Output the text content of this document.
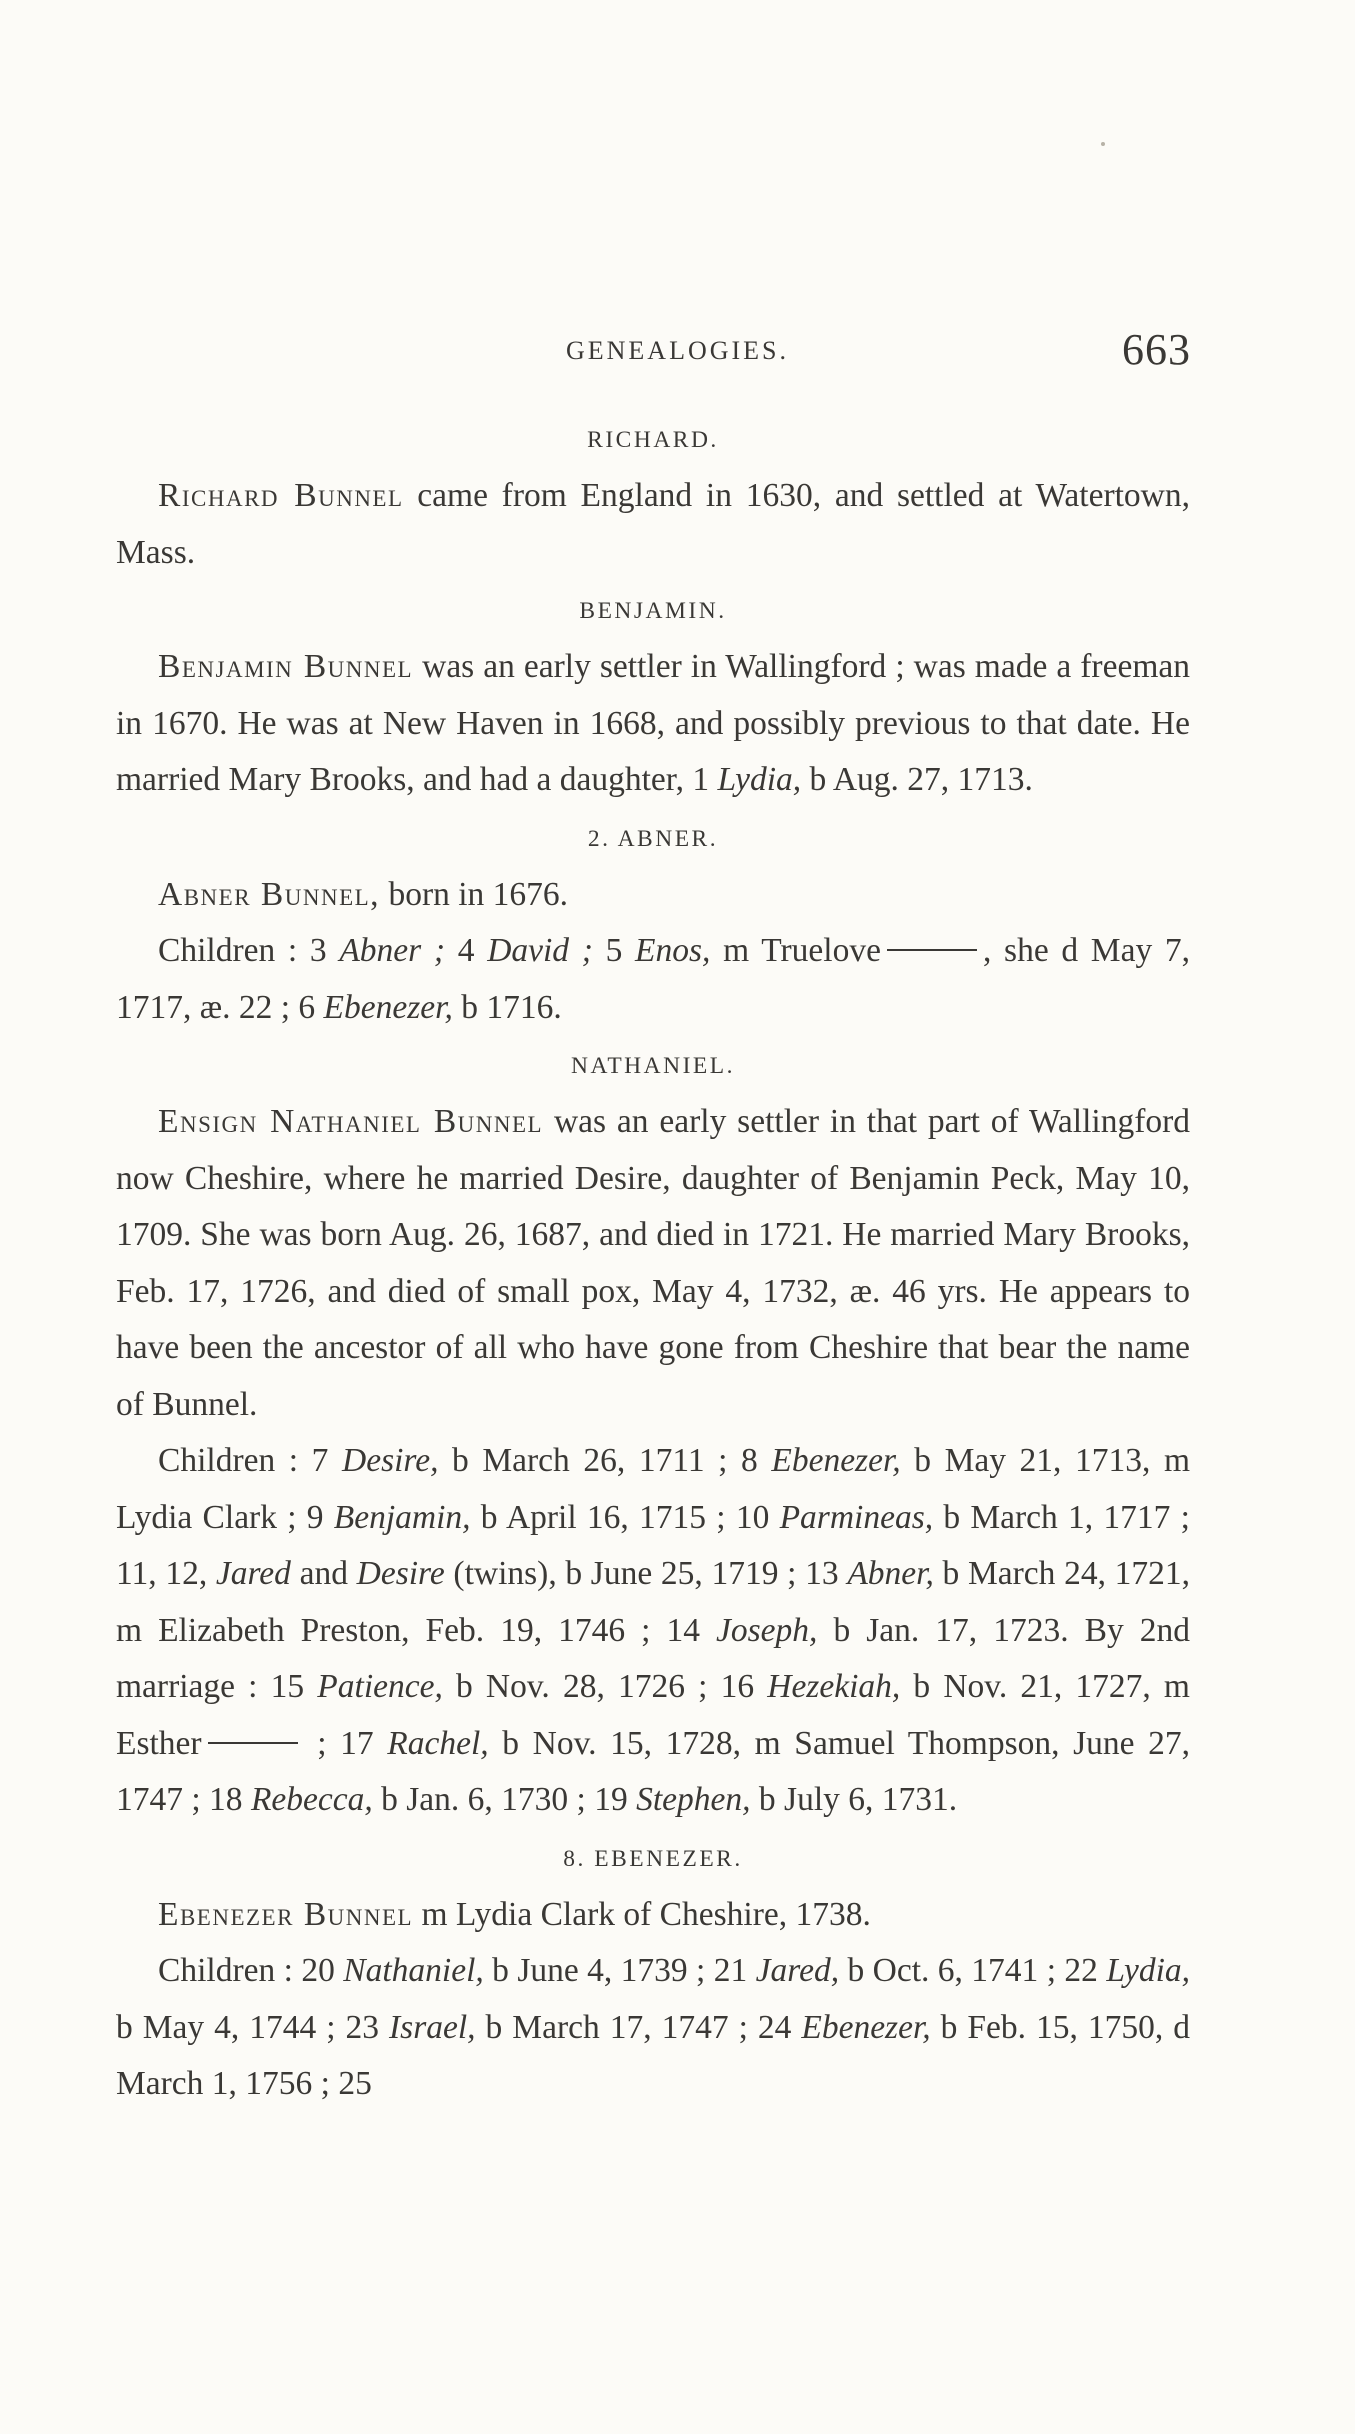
GENEALOGIES.	663
RICHARD.

Richard Bunnel came from England in 1630, and settled at Watertown, Mass.

BENJAMIN.

Benjamin Bunnel was an early settler in Wallingford ; was made a freeman in 1670. He was at New Haven in 1668, and possibly previous to that date. He married Mary Brooks, and had a daughter, 1 Lydia, b Aug. 27, 1713.

2. ABNER.

Abner Bunnel, born in 1676.

Children : 3 Abner ; 4 David ; 5 Enos, m Truelove	, she d May 7, 1717, æ. 22 ; 6 Ebenezer, b 1716.

NATHANIEL.

Ensign Nathaniel Bunnel was an early settler in that part of Wallingford now Cheshire, where he married Desire, daughter of Benjamin Peck, May 10, 1709. She was born Aug. 26, 1687, and died in 1721. He married Mary Brooks, Feb. 17, 1726, and died of small pox, May 4, 1732, æ. 46 yrs. He appears to have been the ancestor of all who have gone from Cheshire that bear the name of Bunnel.

Children : 7 Desire, b March 26, 1711 ; 8 Ebenezer, b May 21, 1713, m Lydia Clark ; 9 Benjamin, b April 16, 1715 ; 10 Parmineas, b March 1, 1717 ; 11, 12, Jared and Desire (twins), b June 25, 1719 ; 13 Abner, b March 24, 1721, m Elizabeth Preston, Feb. 19, 1746 ; 14 Joseph, b Jan. 17, 1723. By 2nd marriage : 15 Patience, b Nov. 28, 1726 ; 16 Hezekiah, b Nov. 21, 1727, m Esther	; 17 Rachel, b Nov. 15, 1728, m Samuel Thompson, June 27, 1747 ; 18 Rebecca, b Jan. 6, 1730 ; 19 Stephen, b July 6, 1731.

8. EBENEZER.

Ebenezer Bunnel m Lydia Clark of Cheshire, 1738.

Children : 20 Nathaniel, b June 4, 1739 ; 21 Jared, b Oct. 6, 1741 ; 22 Lydia, b May 4, 1744 ; 23 Israel, b March 17, 1747 ; 24 Ebenezer, b Feb. 15, 1750, d March 1, 1756 ; 25
